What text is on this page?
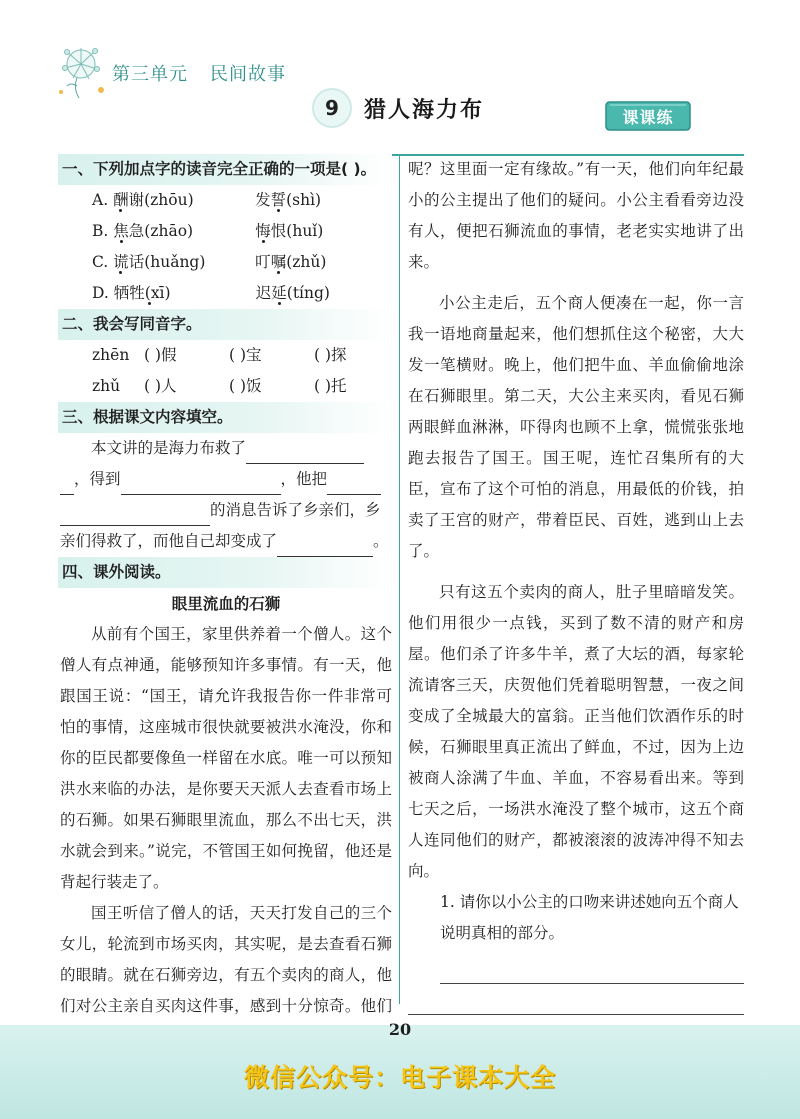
第三单元 民间故事
9	猎人海力布	课课练
一、下列加点字的读音完全正确的一项是( )。
A. 酬谢(zhōu)	发誓(shì)
B. 焦急(zhāo)	悔恨(huǐ)
C. 谎话(huǎng)	叮嘱(zhǔ)
D. 牺牲(xī)	迟延(tíng)
二、我会写同音字。
zhēn ( )假	( )宝	( )探
zhǔ ( )人	( )饭	( )托
三、根据课文内容填空。
本文讲的是海力布救了
，得到	，他把
的消息告诉了乡亲们，乡
亲们得救了，而他自己却变成了	。
四、课外阅读。
眼里流血的石狮

从前有个国王，家里供养着一个僧人。这个僧人有点神通，能够预知许多事情。有一天，他跟国王说：“国王，请允许我报告你一件非常可怕的事情，这座城市很快就要被洪水淹没，你和你的臣民都要像鱼一样留在水底。唯一可以预知洪水来临的办法，是你要天天派人去查看市场上的石狮。如果石狮眼里流血，那么不出七天，洪水就会到来。”说完，不管国王如何挽留，他还是背起行装走了。

国王听信了僧人的话，天天打发自己的三个女儿，轮流到市场买肉，其实呢，是去查看石狮的眼睛。就在石狮旁边，有五个卖肉的商人，他们对公主亲自买肉这件事，感到十分惊奇。他们

呢？这里面一定有缘故。”有一天，他们向年纪最小的公主提出了他们的疑问。小公主看看旁边没有人，便把石狮流血的事情，老老实实地讲了出来。

小公主走后，五个商人便凑在一起，你一言我一语地商量起来，他们想抓住这个秘密，大大发一笔横财。晚上，他们把牛血、羊血偷偷地涂在石狮眼里。第二天，大公主来买肉，看见石狮两眼鲜血淋淋，吓得肉也顾不上拿，慌慌张张地跑去报告了国王。国王呢，连忙召集所有的大臣，宣布了这个可怕的消息，用最低的价钱，拍卖了王宫的财产，带着臣民、百姓，逃到山上去了。

只有这五个卖肉的商人，肚子里暗暗发笑。他们用很少一点钱，买到了数不清的财产和房屋。他们杀了许多牛羊，煮了大坛的酒，每家轮流请客三天，庆贺他们凭着聪明智慧，一夜之间变成了全城最大的富翁。正当他们饮酒作乐的时候，石狮眼里真正流出了鲜血，不过，因为上边被商人涂满了牛血、羊血，不容易看出来。等到七天之后，一场洪水淹没了整个城市，这五个商人连同他们的财产，都被滚滚的波涛冲得不知去向。

1. 请你以小公主的口吻来讲述她向五个商人说明真相的部分。
20
微信公众号：电子课本大全
